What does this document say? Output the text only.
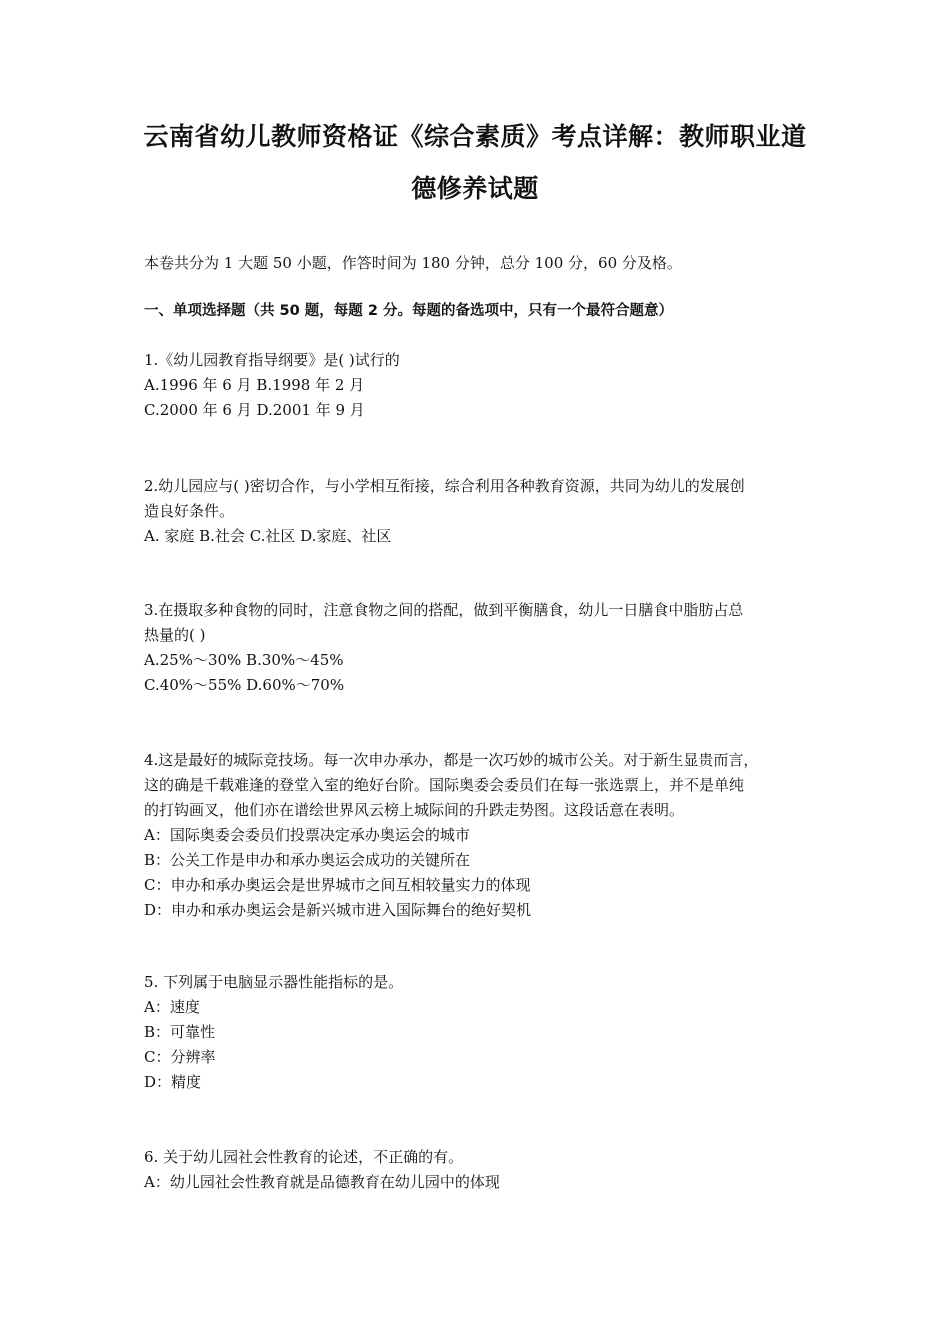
云南省幼儿教师资格证《综合素质》考点详解：教师职业道
德修养试题
本卷共分为 1 大题 50 小题，作答时间为 180 分钟，总分 100 分，60 分及格。
一、单项选择题（共 50 题，每题 2 分。每题的备选项中，只有一个最符合题意）
1.《幼儿园教育指导纲要》是( )试行的
A.1996 年 6 月 B.1998 年 2 月
C.2000 年 6 月 D.2001 年 9 月
2.幼儿园应与( )密切合作，与小学相互衔接，综合利用各种教育资源，共同为幼儿的发展创
造良好条件。
A. 家庭 B.社会 C.社区 D.家庭、社区
3.在摄取多种食物的同时，注意食物之间的搭配，做到平衡膳食，幼儿一日膳食中脂肪占总
热量的( )
A.25%～30% B.30%～45%
C.40%～55% D.60%～70%
4.这是最好的城际竞技场。每一次申办承办，都是一次巧妙的城市公关。对于新生显贵而言，
这的确是千载难逢的登堂入室的绝好台阶。国际奥委会委员们在每一张选票上，并不是单纯
的打钩画叉，他们亦在谱绘世界风云榜上城际间的升跌走势图。这段话意在表明。
A：国际奥委会委员们投票决定承办奥运会的城市
B：公关工作是申办和承办奥运会成功的关键所在
C：申办和承办奥运会是世界城市之间互相较量实力的体现
D：申办和承办奥运会是新兴城市进入国际舞台的绝好契机
5. 下列属于电脑显示器性能指标的是。
A：速度
B：可靠性
C：分辨率
D：精度
6. 关于幼儿园社会性教育的论述，不正确的有。
A：幼儿园社会性教育就是品德教育在幼儿园中的体现
